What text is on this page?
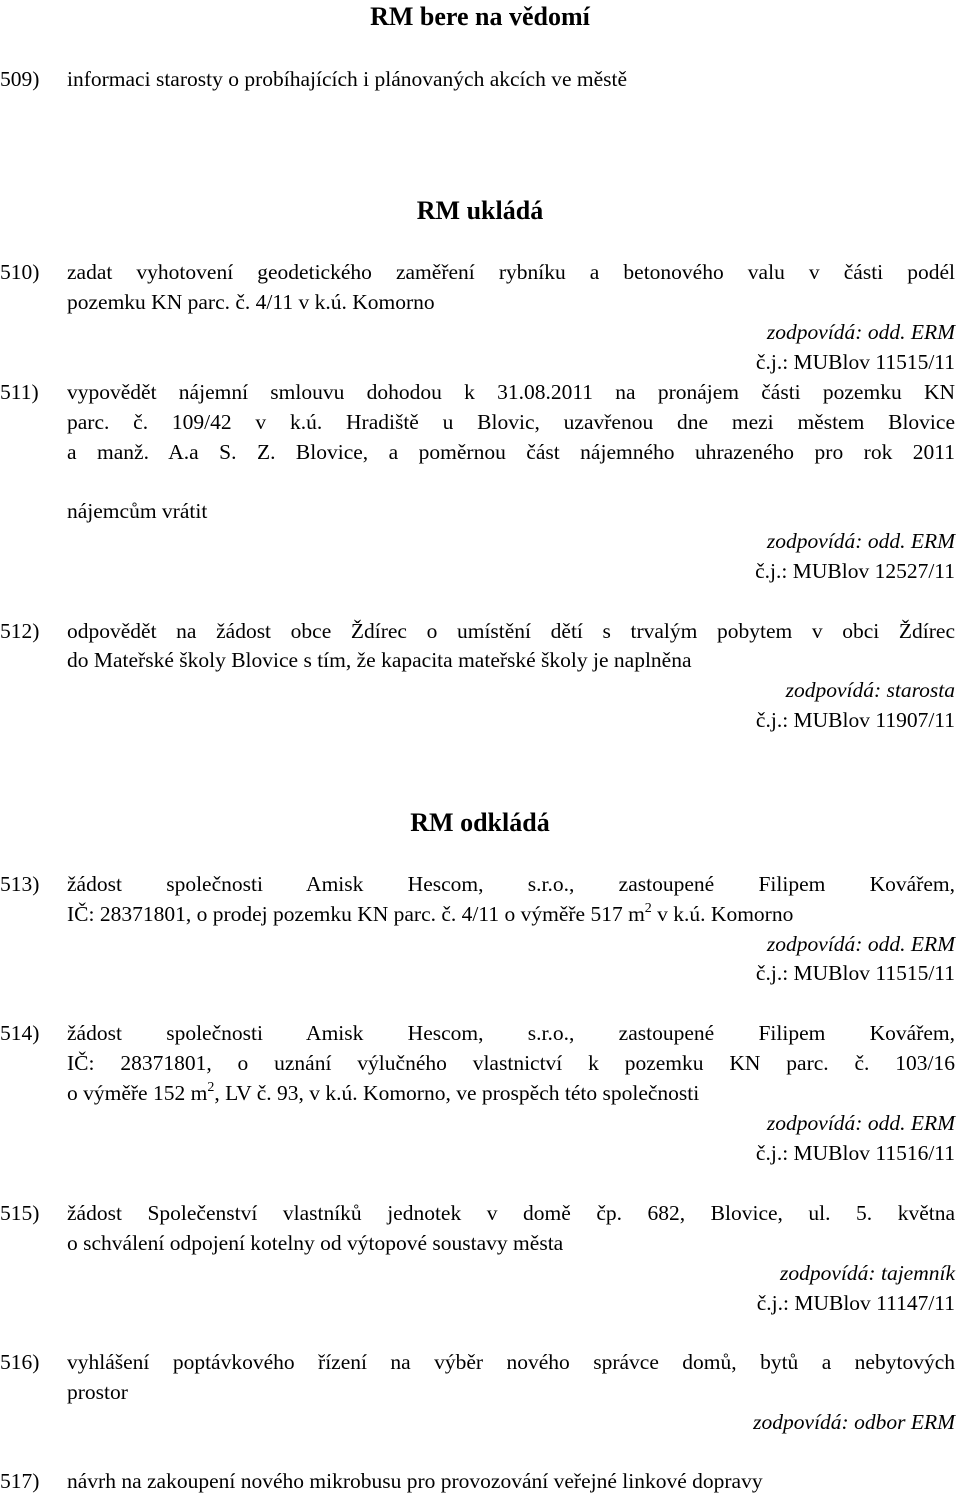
RM bere na vědomí
509) informaci starosty o probíhajících i plánovaných akcích ve městě
RM ukládá
510) zadat vyhotovení geodetického zaměření rybníku a betonového valu v části podél
pozemku KN parc. č. 4/11 v k.ú. Komorno
zodpovídá: odd. ERM
č.j.: MUBlov 11515/11
511) vypovědět nájemní smlouvu dohodou k 31.08.2011 na pronájem části pozemku KN
parc. č. 109/42 v k.ú. Hradiště u Blovic, uzavřenou dne mezi městem Blovice
a manž. A.a S. Z. Blovice, a poměrnou část nájemného uhrazeného pro rok 2011
nájemcům vrátit
zodpovídá: odd. ERM
č.j.: MUBlov 12527/11
512) odpovědět na žádost obce Ždírec o umístění dětí s trvalým pobytem v obci Ždírec
do Mateřské školy Blovice s tím, že kapacita mateřské školy je naplněna
zodpovídá: starosta
č.j.: MUBlov 11907/11
RM odkládá
513) žádost společnosti Amisk Hescom, s.r.o., zastoupené Filipem Kovářem,
IČ: 28371801, o prodej pozemku KN parc. č. 4/11 o výměře 517 $m^2$ v k.ú. Komorno
zodpovídá: odd. ERM
č.j.: MUBlov 11515/11
514) žádost společnosti Amisk Hescom, s.r.o., zastoupené Filipem Kovářem,
IČ: 28371801, o uznání výlučného vlastnictví k pozemku KN parc. č. 103/16
o výměře 152 $m^2$, LV č. 93, v k.ú. Komorno, ve prospěch této společnosti
zodpovídá: odd. ERM
č.j.: MUBlov 11516/11
515) žádost Společenství vlastníků jednotek v domě čp. 682, Blovice, ul. 5. května
o schválení odpojení kotelny od výtopové soustavy města
zodpovídá: tajemník
č.j.: MUBlov 11147/11
516) vyhlášení poptávkového řízení na výběr nového správce domů, bytů a nebytových
prostor
zodpovídá: odbor ERM
517) návrh na zakoupení nového mikrobusu pro provozování veřejné linkové dopravy
